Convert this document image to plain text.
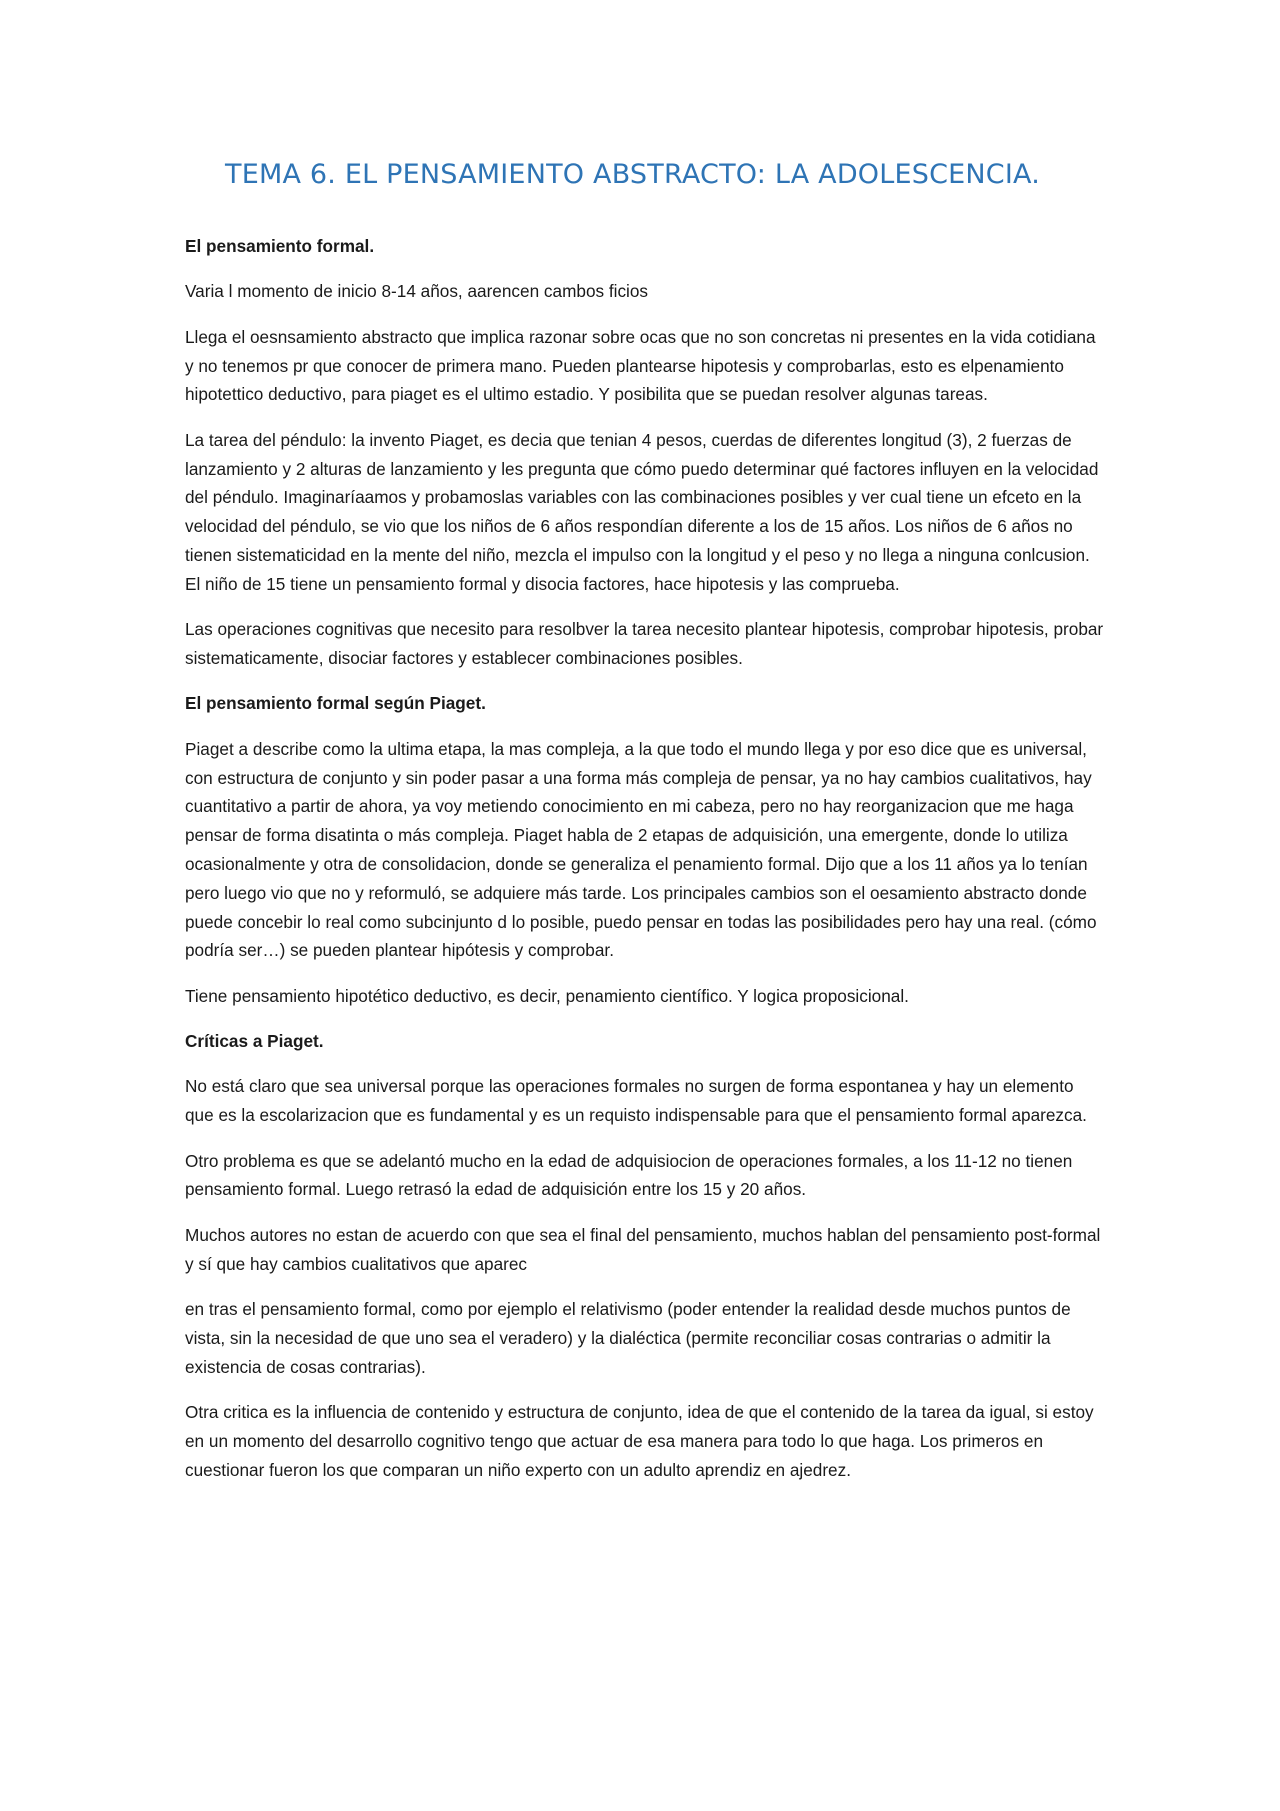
TEMA 6. EL PENSAMIENTO ABSTRACTO: LA ADOLESCENCIA.

El pensamiento formal.

Varia l momento de inicio 8-14 años, aarencen cambos ficios

Llega el oesnsamiento abstracto que implica razonar sobre ocas que no son concretas ni presentes en la vida cotidiana y no tenemos pr que conocer de primera mano. Pueden plantearse hipotesis y comprobarlas, esto es elpenamiento hipotettico deductivo, para piaget es el ultimo estadio. Y posibilita que se puedan resolver algunas tareas.

La tarea del péndulo: la invento Piaget, es decia que tenian 4 pesos, cuerdas de diferentes longitud (3), 2 fuerzas de lanzamiento y 2 alturas de lanzamiento y les pregunta que cómo puedo determinar qué factores influyen en la velocidad del péndulo. Imaginaríaamos y probamoslas variables con las combinaciones posibles y ver cual tiene un efceto en la velocidad del péndulo, se vio que los niños de 6 años respondían diferente a los de 15 años. Los niños de 6 años no tienen sistematicidad en la mente del niño, mezcla el impulso con la longitud y el peso y no llega a ninguna conlcusion. El niño de 15 tiene un pensamiento formal y disocia factores, hace hipotesis y las comprueba.

Las operaciones cognitivas que necesito para resolbver la tarea necesito plantear hipotesis, comprobar hipotesis, probar sistematicamente, disociar factores y establecer combinaciones posibles.

El pensamiento formal según Piaget.

Piaget a describe como la ultima etapa, la mas compleja, a la que todo el mundo llega y por eso dice que es universal, con estructura de conjunto y sin poder pasar a una forma más compleja de pensar, ya no hay cambios cualitativos, hay cuantitativo a partir de ahora, ya voy metiendo conocimiento en mi cabeza, pero no hay reorganizacion que me haga pensar de forma disatinta o más compleja. Piaget habla de 2 etapas de adquisición, una emergente, donde lo utiliza ocasionalmente y otra de consolidacion, donde se generaliza el penamiento formal. Dijo que a los 11 años ya lo tenían pero luego vio que no y reformuló, se adquiere más tarde. Los principales cambios son el oesamiento abstracto donde puede concebir lo real como subcinjunto d lo posible, puedo pensar en todas las posibilidades pero hay una real. (cómo podría ser…) se pueden plantear hipótesis y comprobar.

Tiene pensamiento hipotético deductivo, es decir, penamiento científico. Y logica proposicional.

Críticas a Piaget.

No está claro que sea universal porque las operaciones formales no surgen de forma espontanea y hay un elemento que es la escolarizacion que es fundamental y es un requisto indispensable para que el pensamiento formal aparezca.

Otro problema es que se adelantó mucho en la edad de adquisiocion de operaciones formales, a los 11-12 no tienen pensamiento formal. Luego retrasó la edad de adquisición entre los 15 y 20 años.

Muchos autores no estan de acuerdo con que sea el final del pensamiento, muchos hablan del pensamiento post-formal y sí que hay cambios cualitativos que aparec

en tras el pensamiento formal, como por ejemplo el relativismo (poder entender la realidad desde muchos puntos de vista, sin la necesidad de que uno sea el veradero) y la dialéctica (permite reconciliar cosas contrarias o admitir la existencia de cosas contrarias).

Otra critica es la influencia de contenido y estructura de conjunto, idea de que el contenido de la tarea da igual, si estoy en un momento del desarrollo cognitivo tengo que actuar de esa manera para todo lo que haga. Los primeros en cuestionar fueron los que comparan un niño experto con un adulto aprendiz en ajedrez.
